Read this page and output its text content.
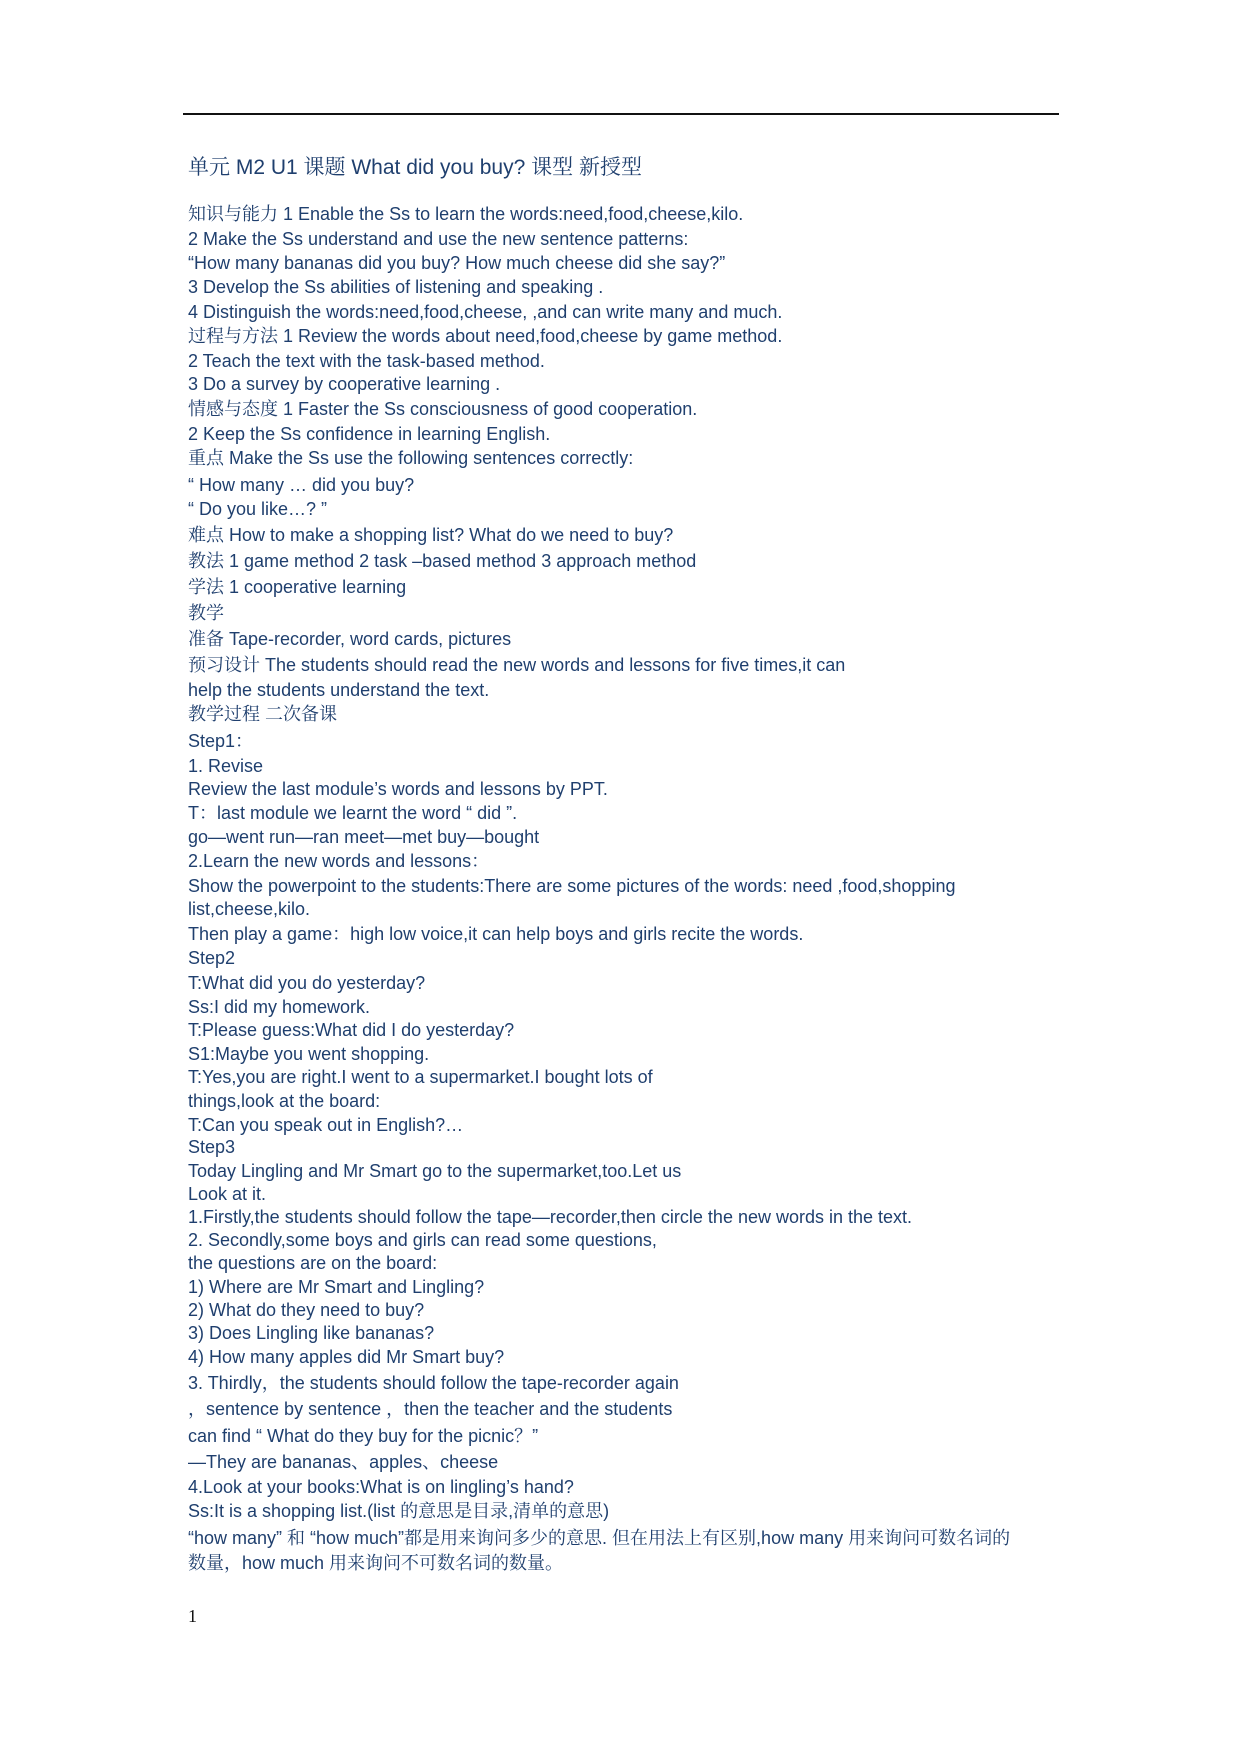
单元 M2 U1 课题 What did you buy? 课型 新授型
知识与能力 1 Enable the Ss to learn the words:need,food,cheese,kilo.
2 Make the Ss understand and use the new sentence patterns:
“How many bananas did you buy? How much cheese did she say?”
3 Develop the Ss abilities of listening and speaking .
4 Distinguish the words:need,food,cheese, ,and can write many and much.
过程与方法 1 Review the words about need,food,cheese by game method.
2 Teach the text with the task-based method.
3 Do a survey by cooperative learning .
情感与态度 1 Faster the Ss consciousness of good cooperation.
2 Keep the Ss confidence in learning English.
重点 Make the Ss use the following sentences correctly:
“ How many … did you buy?
“ Do you like…? ”
难点 How to make a shopping list? What do we need to buy?
教法 1 game method 2 task –based method 3 approach method
学法 1 cooperative learning
教学
准备 Tape-recorder, word cards, pictures
预习设计 The students should read the new words and lessons for five times,it can
help the students understand the text.
教学过程 二次备课
Step1：
1. Revise
Review the last module’s words and lessons by PPT.
T：last module we learnt the word “ did ”.
go—went run—ran meet—met buy—bought
2.Learn the new words and lessons：
Show the powerpoint to the students:There are some pictures of the words: need ,food,shopping
list,cheese,kilo.
Then play a game：high low voice,it can help boys and girls recite the words.
Step2
T:What did you do yesterday?
Ss:I did my homework.
T:Please guess:What did I do yesterday?
S1:Maybe you went shopping.
T:Yes,you are right.I went to a supermarket.I bought lots of
things,look at the board:
T:Can you speak out in English?…
Step3
Today Lingling and Mr Smart go to the supermarket,too.Let us
Look at it.
1.Firstly,the students should follow the tape—recorder,then circle the new words in the text.
2. Secondly,some boys and girls can read some questions,
the questions are on the board:
1) Where are Mr Smart and Lingling?
2) What do they need to buy?
3) Does Lingling like bananas?
4) How many apples did Mr Smart buy?
3. Thirdly，the students should follow the tape-recorder again
，sentence by sentence ，then the teacher and the students
can find “ What do they buy for the picnic？”
—They are bananas、apples、cheese
4.Look at your books:What is on lingling’s hand?
Ss:It is a shopping list.(list 的意思是目录,清单的意思)
“how many” 和 “how much”都是用来询问多少的意思. 但在用法上有区别,how many 用来询问可数名词的
数量，how much 用来询问不可数名词的数量。
1
